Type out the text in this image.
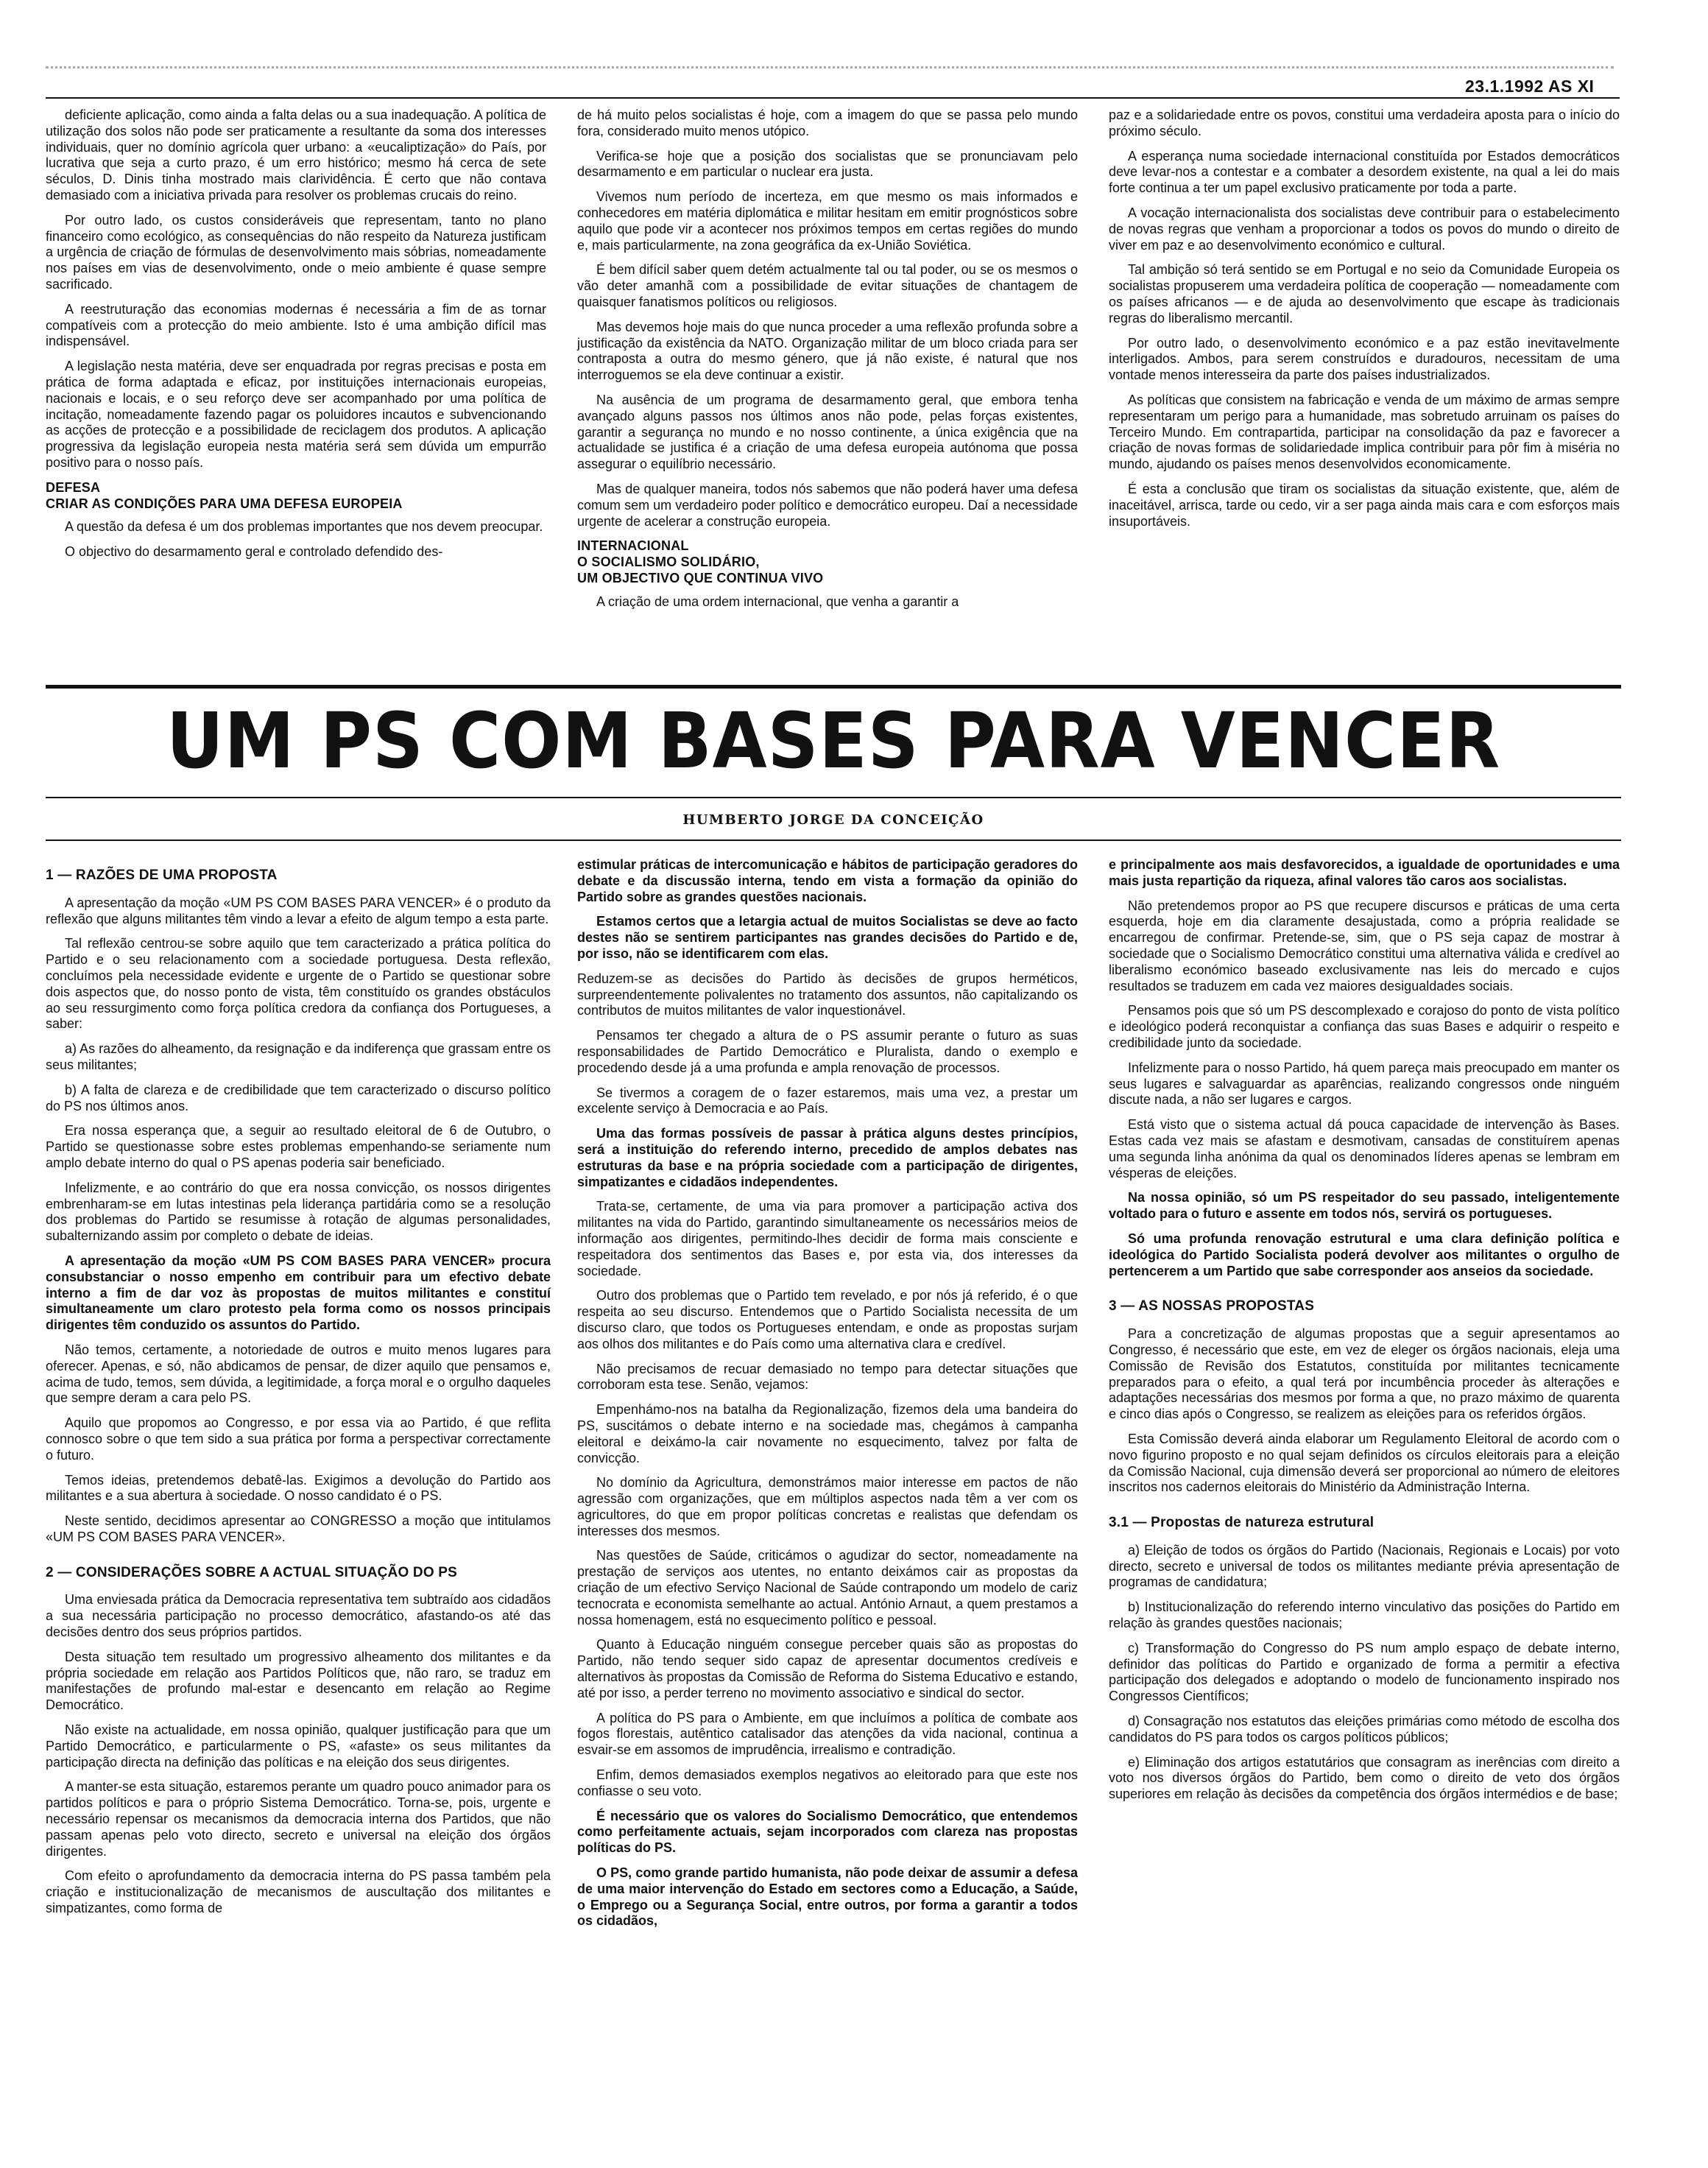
23.1.1992 AS XI

deficiente aplicação, como ainda a falta delas ou a sua inadequação. A política de utilização dos solos não pode ser praticamente a resultante da soma dos interesses individuais, quer no domínio agrícola quer urbano: a «eucaliptização» do País, por lucrativa que seja a curto prazo, é um erro histórico; mesmo há cerca de sete séculos, D. Dinis tinha mostrado mais clarividência. É certo que não contava demasiado com a iniciativa privada para resolver os problemas crucais do reino.

Por outro lado, os custos consideráveis que representam, tanto no plano financeiro como ecológico, as consequências do não respeito da Natureza justificam a urgência de criação de fórmulas de desenvolvimento mais sóbrias, nomeadamente nos países em vias de desenvolvimento, onde o meio ambiente é quase sempre sacrificado.

A reestruturação das economias modernas é necessária a fim de as tornar compatíveis com a protecção do meio ambiente. Isto é uma ambição difícil mas indispensável.

A legislação nesta matéria, deve ser enquadrada por regras precisas e posta em prática de forma adaptada e eficaz, por instituições internacionais europeias, nacionais e locais, e o seu reforço deve ser acompanhado por uma política de incitação, nomeadamente fazendo pagar os poluidores incautos e subvencionando as acções de protecção e a possibilidade de reciclagem dos produtos. A aplicação progressiva da legislação europeia nesta matéria será sem dúvida um empurrão positivo para o nosso país.

DEFESA
CRIAR AS CONDIÇÕES PARA UMA DEFESA EUROPEIA

A questão da defesa é um dos problemas importantes que nos devem preocupar.

O objectivo do desarmamento geral e controlado defendido des-

de há muito pelos socialistas é hoje, com a imagem do que se passa pelo mundo fora, considerado muito menos utópico.

Verifica-se hoje que a posição dos socialistas que se pronunciavam pelo desarmamento e em particular o nuclear era justa.

Vivemos num período de incerteza, em que mesmo os mais informados e conhecedores em matéria diplomática e militar hesitam em emitir prognósticos sobre aquilo que pode vir a acontecer nos próximos tempos em certas regiões do mundo e, mais particularmente, na zona geográfica da ex-União Soviética.

É bem difícil saber quem detém actualmente tal ou tal poder, ou se os mesmos o vão deter amanhã com a possibilidade de evitar situações de chantagem de quaisquer fanatismos políticos ou religiosos.

Mas devemos hoje mais do que nunca proceder a uma reflexão profunda sobre a justificação da existência da NATO. Organização militar de um bloco criada para ser contraposta a outra do mesmo género, que já não existe, é natural que nos interroguemos se ela deve continuar a existir.

Na ausência de um programa de desarmamento geral, que embora tenha avançado alguns passos nos últimos anos não pode, pelas forças existentes, garantir a segurança no mundo e no nosso continente, a única exigência que na actualidade se justifica é a criação de uma defesa europeia autónoma que possa assegurar o equilíbrio necessário.

Mas de qualquer maneira, todos nós sabemos que não poderá haver uma defesa comum sem um verdadeiro poder político e democrático europeu. Daí a necessidade urgente de acelerar a construção europeia.

INTERNACIONAL
O SOCIALISMO SOLIDÁRIO,
UM OBJECTIVO QUE CONTINUA VIVO

A criação de uma ordem internacional, que venha a garantir a

paz e a solidariedade entre os povos, constitui uma verdadeira aposta para o início do próximo século.

A esperança numa sociedade internacional constituída por Estados democráticos deve levar-nos a contestar e a combater a desordem existente, na qual a lei do mais forte continua a ter um papel exclusivo praticamente por toda a parte.

A vocação internacionalista dos socialistas deve contribuir para o estabelecimento de novas regras que venham a proporcionar a todos os povos do mundo o direito de viver em paz e ao desenvolvimento económico e cultural.

Tal ambição só terá sentido se em Portugal e no seio da Comunidade Europeia os socialistas propuserem uma verdadeira política de cooperação — nomeadamente com os países africanos — e de ajuda ao desenvolvimento que escape às tradicionais regras do liberalismo mercantil.

Por outro lado, o desenvolvimento económico e a paz estão inevitavelmente interligados. Ambos, para serem construídos e duradouros, necessitam de uma vontade menos interesseira da parte dos países industrializados.

As políticas que consistem na fabricação e venda de um máximo de armas sempre representaram um perigo para a humanidade, mas sobretudo arruinam os países do Terceiro Mundo. Em contrapartida, participar na consolidação da paz e favorecer a criação de novas formas de solidariedade implica contribuir para pôr fim à miséria no mundo, ajudando os países menos desenvolvidos economicamente.

É esta a conclusão que tiram os socialistas da situação existente, que, além de inaceitável, arrisca, tarde ou cedo, vir a ser paga ainda mais cara e com esforços mais insuportáveis.

UM PS COM BASES PARA VENCER
HUMBERTO JORGE DA CONCEIÇÃO
1 — RAZÕES DE UMA PROPOSTA

A apresentação da moção «UM PS COM BASES PARA VENCER» é o produto da reflexão que alguns militantes têm vindo a levar a efeito de algum tempo a esta parte.

Tal reflexão centrou-se sobre aquilo que tem caracterizado a prática política do Partido e o seu relacionamento com a sociedade portuguesa. Desta reflexão, concluímos pela necessidade evidente e urgente de o Partido se questionar sobre dois aspectos que, do nosso ponto de vista, têm constituído os grandes obstáculos ao seu ressurgimento como força política credora da confiança dos Portugueses, a saber:

a) As razões do alheamento, da resignação e da indiferença que grassam entre os seus militantes;

b) A falta de clareza e de credibilidade que tem caracterizado o discurso político do PS nos últimos anos.

Era nossa esperança que, a seguir ao resultado eleitoral de 6 de Outubro, o Partido se questionasse sobre estes problemas empenhando-se seriamente num amplo debate interno do qual o PS apenas poderia sair beneficiado.

Infelizmente, e ao contrário do que era nossa convicção, os nossos dirigentes embrenharam-se em lutas intestinas pela liderança partidária como se a resolução dos problemas do Partido se resumisse à rotação de algumas personalidades, subalternizando assim por completo o debate de ideias.

A apresentação da moção «UM PS COM BASES PARA VENCER» procura consubstanciar o nosso empenho em contribuir para um efectivo debate interno a fim de dar voz às propostas de muitos militantes e constituí simultaneamente um claro protesto pela forma como os nossos principais dirigentes têm conduzido os assuntos do Partido.

Não temos, certamente, a notoriedade de outros e muito menos lugares para oferecer. Apenas, e só, não abdicamos de pensar, de dizer aquilo que pensamos e, acima de tudo, temos, sem dúvida, a legitimidade, a força moral e o orgulho daqueles que sempre deram a cara pelo PS.

Aquilo que propomos ao Congresso, e por essa via ao Partido, é que reflita connosco sobre o que tem sido a sua prática por forma a perspectivar correctamente o futuro.

Temos ideias, pretendemos debatê-las. Exigimos a devolução do Partido aos militantes e a sua abertura à sociedade. O nosso candidato é o PS.

Neste sentido, decidimos apresentar ao CONGRESSO a moção que intitulamos «UM PS COM BASES PARA VENCER».

2 — CONSIDERAÇÕES SOBRE A ACTUAL SITUAÇÃO DO PS

Uma enviesada prática da Democracia representativa tem subtraído aos cidadãos a sua necessária participação no processo democrático, afastando-os até das decisões dentro dos seus próprios partidos.

Desta situação tem resultado um progressivo alheamento dos militantes e da própria sociedade em relação aos Partidos Políticos que, não raro, se traduz em manifestações de profundo mal-estar e desencanto em relação ao Regime Democrático.

Não existe na actualidade, em nossa opinião, qualquer justificação para que um Partido Democrático, e particularmente o PS, «afaste» os seus militantes da participação directa na definição das políticas e na eleição dos seus dirigentes.

A manter-se esta situação, estaremos perante um quadro pouco animador para os partidos políticos e para o próprio Sistema Democrático. Torna-se, pois, urgente e necessário repensar os mecanismos da democracia interna dos Partidos, que não passam apenas pelo voto directo, secreto e universal na eleição dos órgãos dirigentes.

Com efeito o aprofundamento da democracia interna do PS passa também pela criação e institucionalização de mecanismos de auscultação dos militantes e simpatizantes, como forma de

estimular práticas de intercomunicação e hábitos de participação geradores do debate e da discussão interna, tendo em vista a formação da opinião do Partido sobre as grandes questões nacionais.

Estamos certos que a letargia actual de muitos Socialistas se deve ao facto destes não se sentirem participantes nas grandes decisões do Partido e de, por isso, não se identificarem com elas.

Reduzem-se as decisões do Partido às decisões de grupos herméticos, surpreendentemente polivalentes no tratamento dos assuntos, não capitalizando os contributos de muitos militantes de valor inquestionável.

Pensamos ter chegado a altura de o PS assumir perante o futuro as suas responsabilidades de Partido Democrático e Pluralista, dando o exemplo e procedendo desde já a uma profunda e ampla renovação de processos.

Se tivermos a coragem de o fazer estaremos, mais uma vez, a prestar um excelente serviço à Democracia e ao País.

Uma das formas possíveis de passar à prática alguns destes princípios, será a instituição do referendo interno, precedido de amplos debates nas estruturas da base e na própria sociedade com a participação de dirigentes, simpatizantes e cidadãos independentes.

Trata-se, certamente, de uma via para promover a participação activa dos militantes na vida do Partido, garantindo simultaneamente os necessários meios de informação aos dirigentes, permitindo-lhes decidir de forma mais consciente e respeitadora dos sentimentos das Bases e, por esta via, dos interesses da sociedade.

Outro dos problemas que o Partido tem revelado, e por nós já referido, é o que respeita ao seu discurso. Entendemos que o Partido Socialista necessita de um discurso claro, que todos os Portugueses entendam, e onde as propostas surjam aos olhos dos militantes e do País como uma alternativa clara e credível.

Não precisamos de recuar demasiado no tempo para detectar situações que corroboram esta tese. Senão, vejamos:

Empenhámo-nos na batalha da Regionalização, fizemos dela uma bandeira do PS, suscitámos o debate interno e na sociedade mas, chegámos à campanha eleitoral e deixámo-la cair novamente no esquecimento, talvez por falta de convicção.

No domínio da Agricultura, demonstrámos maior interesse em pactos de não agressão com organizações, que em múltiplos aspectos nada têm a ver com os agricultores, do que em propor políticas concretas e realistas que defendam os interesses dos mesmos.

Nas questões de Saúde, criticámos o agudizar do sector, nomeadamente na prestação de serviços aos utentes, no entanto deixámos cair as propostas da criação de um efectivo Serviço Nacional de Saúde contrapondo um modelo de cariz tecnocrata e economista semelhante ao actual. António Arnaut, a quem prestamos a nossa homenagem, está no esquecimento político e pessoal.

Quanto à Educação ninguém consegue perceber quais são as propostas do Partido, não tendo sequer sido capaz de apresentar documentos credíveis e alternativos às propostas da Comissão de Reforma do Sistema Educativo e estando, até por isso, a perder terreno no movimento associativo e sindical do sector.

A política do PS para o Ambiente, em que incluímos a política de combate aos fogos florestais, autêntico catalisador das atenções da vida nacional, continua a esvair-se em assomos de imprudência, irrealismo e contradição.

Enfim, demos demasiados exemplos negativos ao eleitorado para que este nos confiasse o seu voto.

É necessário que os valores do Socialismo Democrático, que entendemos como perfeitamente actuais, sejam incorporados com clareza nas propostas políticas do PS.

O PS, como grande partido humanista, não pode deixar de assumir a defesa de uma maior intervenção do Estado em sectores como a Educação, a Saúde, o Emprego ou a Segurança Social, entre outros, por forma a garantir a todos os cidadãos,

e principalmente aos mais desfavorecidos, a igualdade de oportunidades e uma mais justa repartição da riqueza, afinal valores tão caros aos socialistas.

Não pretendemos propor ao PS que recupere discursos e práticas de uma certa esquerda, hoje em dia claramente desajustada, como a própria realidade se encarregou de confirmar. Pretende-se, sim, que o PS seja capaz de mostrar à sociedade que o Socialismo Democrático constitui uma alternativa válida e credível ao liberalismo económico baseado exclusivamente nas leis do mercado e cujos resultados se traduzem em cada vez maiores desigualdades sociais.

Pensamos pois que só um PS descomplexado e corajoso do ponto de vista político e ideológico poderá reconquistar a confiança das suas Bases e adquirir o respeito e credibilidade junto da sociedade.

Infelizmente para o nosso Partido, há quem pareça mais preocupado em manter os seus lugares e salvaguardar as aparências, realizando congressos onde ninguém discute nada, a não ser lugares e cargos.

Está visto que o sistema actual dá pouca capacidade de intervenção às Bases. Estas cada vez mais se afastam e desmotivam, cansadas de constituírem apenas uma segunda linha anónima da qual os denominados líderes apenas se lembram em vésperas de eleições.

Na nossa opinião, só um PS respeitador do seu passado, inteligentemente voltado para o futuro e assente em todos nós, servirá os portugueses.

Só uma profunda renovação estrutural e uma clara definição política e ideológica do Partido Socialista poderá devolver aos militantes o orgulho de pertencerem a um Partido que sabe corresponder aos anseios da sociedade.

3 — AS NOSSAS PROPOSTAS

Para a concretização de algumas propostas que a seguir apresentamos ao Congresso, é necessário que este, em vez de eleger os órgãos nacionais, eleja uma Comissão de Revisão dos Estatutos, constituída por militantes tecnicamente preparados para o efeito, a qual terá por incumbência proceder às alterações e adaptações necessárias dos mesmos por forma a que, no prazo máximo de quarenta e cinco dias após o Congresso, se realizem as eleições para os referidos órgãos.

Esta Comissão deverá ainda elaborar um Regulamento Eleitoral de acordo com o novo figurino proposto e no qual sejam definidos os círculos eleitorais para a eleição da Comissão Nacional, cuja dimensão deverá ser proporcional ao número de eleitores inscritos nos cadernos eleitorais do Ministério da Administração Interna.

3.1 — Propostas de natureza estrutural

a) Eleição de todos os órgãos do Partido (Nacionais, Regionais e Locais) por voto directo, secreto e universal de todos os militantes mediante prévia apresentação de programas de candidatura;

b) Institucionalização do referendo interno vinculativo das posições do Partido em relação às grandes questões nacionais;

c) Transformação do Congresso do PS num amplo espaço de debate interno, definidor das políticas do Partido e organizado de forma a permitir a efectiva participação dos delegados e adoptando o modelo de funcionamento inspirado nos Congressos Científicos;

d) Consagração nos estatutos das eleições primárias como método de escolha dos candidatos do PS para todos os cargos políticos públicos;

e) Eliminação dos artigos estatutários que consagram as inerências com direito a voto nos diversos órgãos do Partido, bem como o direito de veto dos órgãos superiores em relação às decisões da competência dos órgãos intermédios e de base;
